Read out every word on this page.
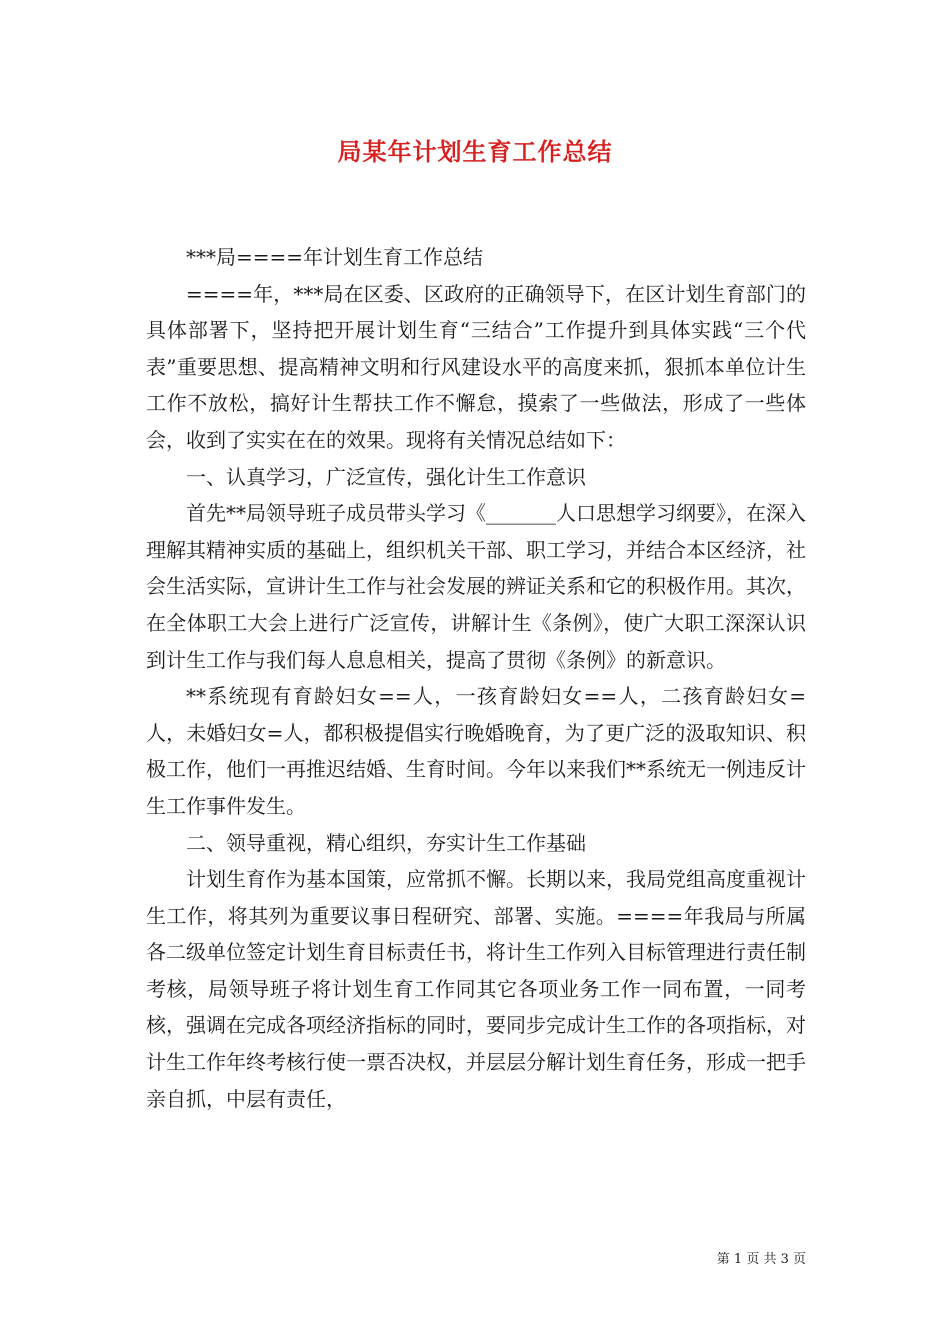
局某年计划生育工作总结

***局====年计划生育工作总结

====年，***局在区委、区政府的正确领导下，在区计划生育部门的具体部署下，坚持把开展计划生育“三结合”工作提升到具体实践“三个代表”重要思想、提高精神文明和行风建设水平的高度来抓，狠抓本单位计生工作不放松，搞好计生帮扶工作不懈怠，摸索了一些做法，形成了一些体会，收到了实实在在的效果。现将有关情况总结如下：

一、认真学习，广泛宣传，强化计生工作意识

首先**局领导班子成员带头学习《_______人口思想学习纲要》，在深入理解其精神实质的基础上，组织机关干部、职工学习，并结合本区经济，社会生活实际，宣讲计生工作与社会发展的辨证关系和它的积极作用。其次，在全体职工大会上进行广泛宣传，讲解计生《条例》，使广大职工深深认识到计生工作与我们每人息息相关，提高了贯彻《条例》的新意识。

**系统现有育龄妇女==人，一孩育龄妇女==人，二孩育龄妇女=人，未婚妇女=人，都积极提倡实行晚婚晚育，为了更广泛的汲取知识、积极工作，他们一再推迟结婚、生育时间。今年以来我们**系统无一例违反计生工作事件发生。

二、领导重视，精心组织，夯实计生工作基础

计划生育作为基本国策，应常抓不懈。长期以来，我局党组高度重视计生工作，将其列为重要议事日程研究、部署、实施。====年我局与所属各二级单位签定计划生育目标责任书，将计生工作列入目标管理进行责任制考核，局领导班子将计划生育工作同其它各项业务工作一同布置，一同考核，强调在完成各项经济指标的同时，要同步完成计生工作的各项指标，对计生工作年终考核行使一票否决权，并层层分解计划生育任务，形成一把手亲自抓，中层有责任，

第 1 页 共 3 页
